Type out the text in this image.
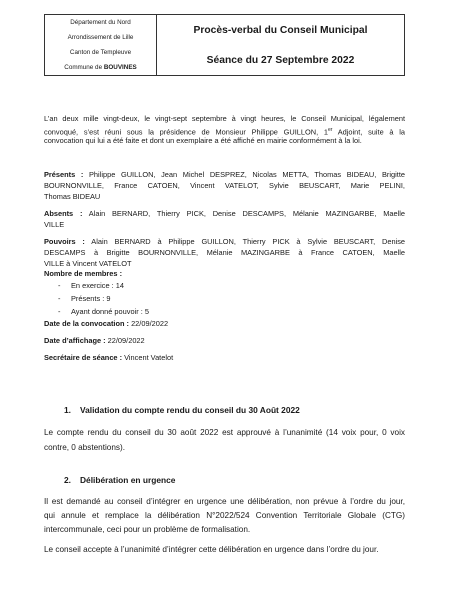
Département du Nord
Arrondissement de Lille
Canton de Templeuve
Commune de BOUVINES
Procès-verbal du Conseil Municipal
Séance du 27 Septembre 2022
L’an deux mille vingt-deux, le vingt-sept septembre à vingt heures, le Conseil Municipal, légalement
convoqué, s’est réuni sous la présidence de Monsieur Philippe GUILLON, 1er Adjoint, suite à la
convocation qui lui a été faite et dont un exemplaire a été affiché en mairie conformément à la loi.
Présents : Philippe GUILLON, Jean Michel DESPREZ, Nicolas METTA, Thomas BIDEAU, Brigitte
BOURNONVILLE, France CATOEN, Vincent VATELOT, Sylvie BEUSCART, Marie PELINI,
Thomas BIDEAU
Absents : Alain BERNARD, Thierry PICK, Denise DESCAMPS, Mélanie MAZINGARBE, Maelle
VILLE
Pouvoirs : Alain BERNARD à Philippe GUILLON, Thierry PICK à Sylvie BEUSCART, Denise
DESCAMPS à Brigitte BOURNONVILLE, Mélanie MAZINGARBE à France CATOEN, Maelle
VILLE à Vincent VATELOT
Nombre de membres :
- En exercice : 14
- Présents : 9
- Ayant donné pouvoir : 5
Date de la convocation : 22/09/2022
Date d’affichage : 22/09/2022
Secrétaire de séance : Vincent Vatelot
1. Validation du compte rendu du conseil du 30 Août 2022
Le compte rendu du conseil du 30 août 2022 est approuvé à l’unanimité (14 voix pour, 0 voix
contre, 0 abstentions).
2. Délibération en urgence
Il est demandé au conseil d’intégrer en urgence une délibération, non prévue à l’ordre du jour,
qui annule et remplace la délibération N°2022/524 Convention Territoriale Globale (CTG)
intercommunale, ceci pour un problème de formalisation.
Le conseil accepte à l’unanimité d’intégrer cette délibération en urgence dans l’ordre du jour.
